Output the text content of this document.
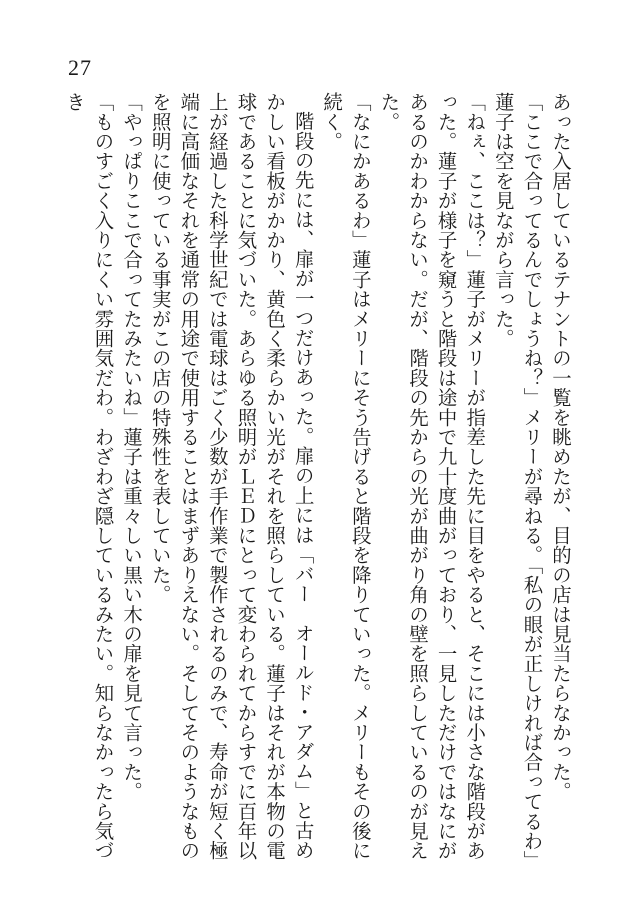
27

あった入居しているテナントの一覧を眺めたが、目的の店は見当たらなかった。

「ここで合ってるんでしょうね？」メリーが尋ねる。「私の眼が正しければ合ってるわ」

蓮子は空を見ながら言った。

「ねぇ、ここは？」蓮子がメリーが指差した先に目をやると、そこには小さな階段があった。蓮子が様子を窺うと階段は途中で九十度曲がっており、一見しただけではなにがあるのかわからない。だが、階段の先からの光が曲がり角の壁を照らしているのが見えた。

「なにかあるわ」蓮子はメリーにそう告げると階段を降りていった。メリーもその後に続く。

階段の先には、扉が一つだけあった。扉の上には「バー　オールド・アダム」と古めかしい看板がかかり、黄色く柔らかい光がそれを照らしている。蓮子はそれが本物の電球であることに気づいた。あらゆる照明がＬＥＤにとって変わられてからすでに百年以上が経過した科学世紀では電球はごく少数が手作業で製作されるのみで、寿命が短く極端に高価なそれを通常の用途で使用することはまずありえない。そしてそのようなものを照明に使っている事実がこの店の特殊性を表していた。

「やっぱりここで合ってたみたいね」蓮子は重々しい黒い木の扉を見て言った。

「ものすごく入りにくい雰囲気だわ。わざわざ隠しているみたい。知らなかったら気づき
